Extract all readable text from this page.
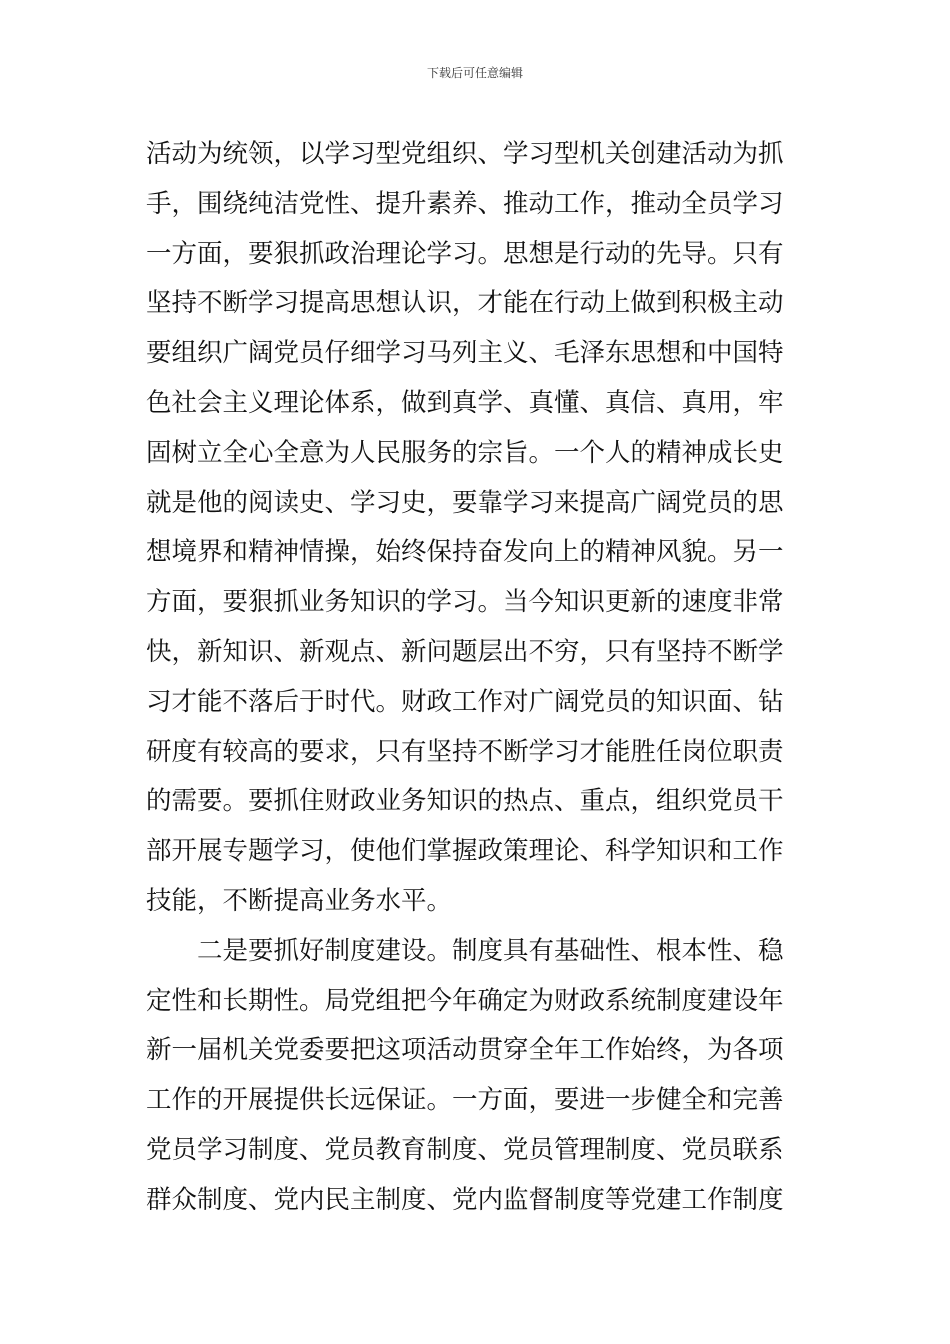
下载后可任意编辑
活动为统领，以学习型党组织、学习型机关创建活动为抓
手，围绕纯洁党性、提升素养、推动工作，推动全员学习
一方面，要狠抓政治理论学习。思想是行动的先导。只有
坚持不断学习提高思想认识，才能在行动上做到积极主动
要组织广阔党员仔细学习马列主义、毛泽东思想和中国特
色社会主义理论体系，做到真学、真懂、真信、真用，牢
固树立全心全意为人民服务的宗旨。一个人的精神成长史
就是他的阅读史、学习史，要靠学习来提高广阔党员的思
想境界和精神情操，始终保持奋发向上的精神风貌。另一
方面，要狠抓业务知识的学习。当今知识更新的速度非常
快，新知识、新观点、新问题层出不穷，只有坚持不断学
习才能不落后于时代。财政工作对广阔党员的知识面、钻
研度有较高的要求，只有坚持不断学习才能胜任岗位职责
的需要。要抓住财政业务知识的热点、重点，组织党员干
部开展专题学习，使他们掌握政策理论、科学知识和工作
技能，不断提高业务水平。
二是要抓好制度建设。制度具有基础性、根本性、稳
定性和长期性。局党组把今年确定为财政系统制度建设年
新一届机关党委要把这项活动贯穿全年工作始终，为各项
工作的开展提供长远保证。一方面，要进一步健全和完善
党员学习制度、党员教育制度、党员管理制度、党员联系
群众制度、党内民主制度、党内监督制度等党建工作制度
